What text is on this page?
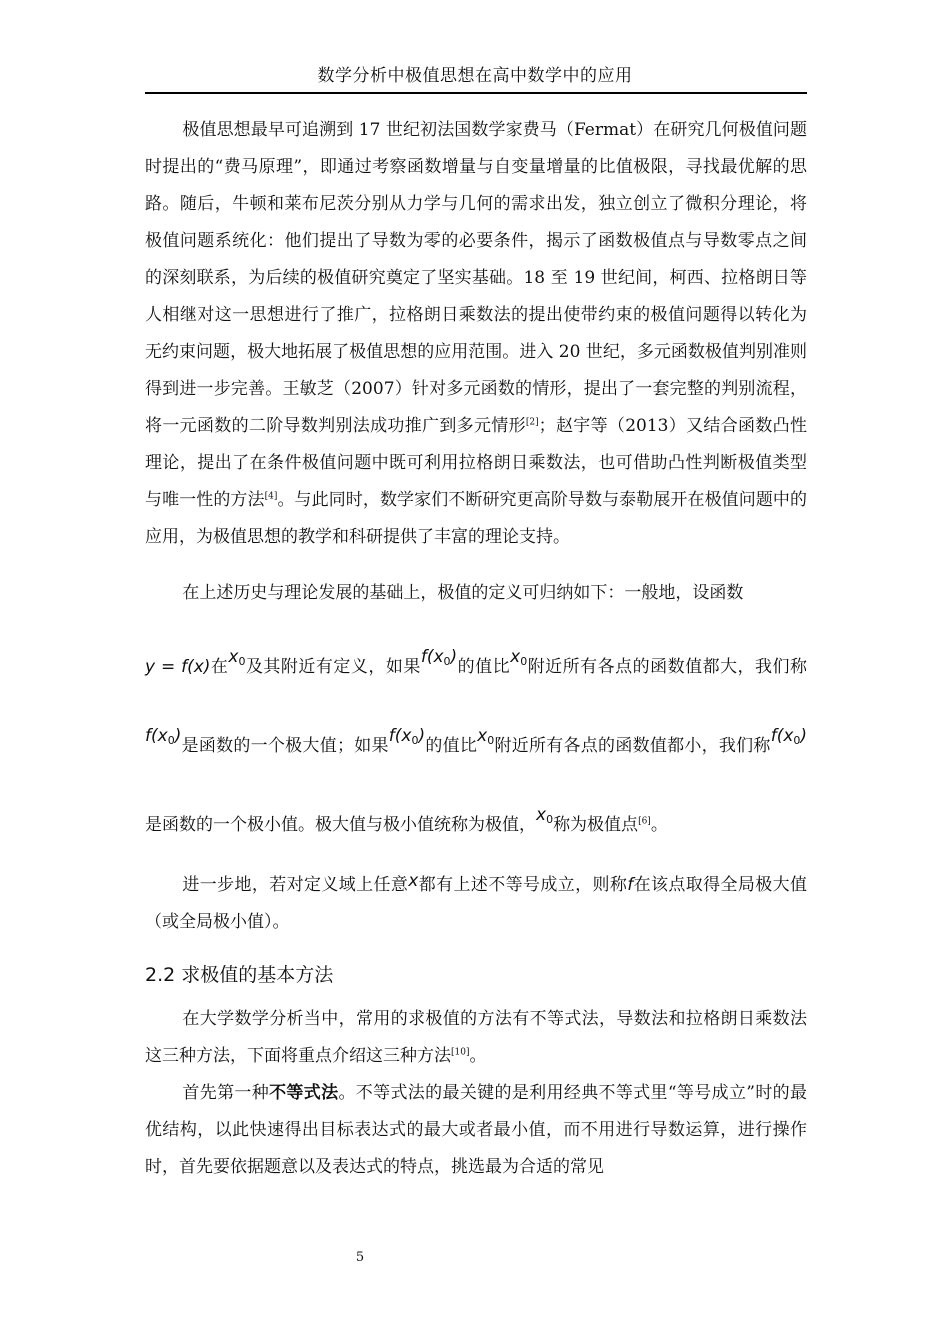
数学分析中极值思想在高中数学中的应用

极值思想最早可追溯到 17 世纪初法国数学家费马（Fermat）在研究几何极值问题时提出的“费马原理”，即通过考察函数增量与自变量增量的比值极限，寻找最优解的思路。随后，牛顿和莱布尼茨分别从力学与几何的需求出发，独立创立了微积分理论，将极值问题系统化：他们提出了导数为零的必要条件，揭示了函数极值点与导数零点之间的深刻联系，为后续的极值研究奠定了坚实基础。18 至 19 世纪间，柯西、拉格朗日等人相继对这一思想进行了推广，拉格朗日乘数法的提出使带约束的极值问题得以转化为无约束问题，极大地拓展了极值思想的应用范围。进入 20 世纪，多元函数极值判别准则得到进一步完善。王敏芝（2007）针对多元函数的情形，提出了一套完整的判别流程，将一元函数的二阶导数判别法成功推广到多元情形[2]；赵宇等（2013）又结合函数凸性理论，提出了在条件极值问题中既可利用拉格朗日乘数法，也可借助凸性判断极值类型与唯一性的方法[4]。与此同时，数学家们不断研究更高阶导数与泰勒展开在极值问题中的应用，为极值思想的教学和科研提供了丰富的理论支持。

在上述历史与理论发展的基础上，极值的定义可归纳如下：一般地，设函数
y = f(x)在$x_0$及其附近有定义，如果$f(x_0)$的值比$x_0$附近所有各点的函数值都大，我们称$f(x_0)$是函数的一个极大值；如果$f(x_0)$的值比$x_0$附近所有各点的函数值都小，我们称$f(x_0)$是函数的一个极小值。极大值与极小值统称为极值，$x_0$称为极值点[6]。

进一步地，若对定义域上任意x都有上述不等号成立，则称f在该点取得全局极大值（或全局极小值）。

2.2 求极值的基本方法

在大学数学分析当中，常用的求极值的方法有不等式法，导数法和拉格朗日乘数法这三种方法，下面将重点介绍这三种方法[10]。

首先第一种不等式法。不等式法的最关键的是利用经典不等式里“等号成立”时的最优结构，以此快速得出目标表达式的最大或者最小值，而不用进行导数运算，进行操作时，首先要依据题意以及表达式的特点，挑选最为合适的常见

5
